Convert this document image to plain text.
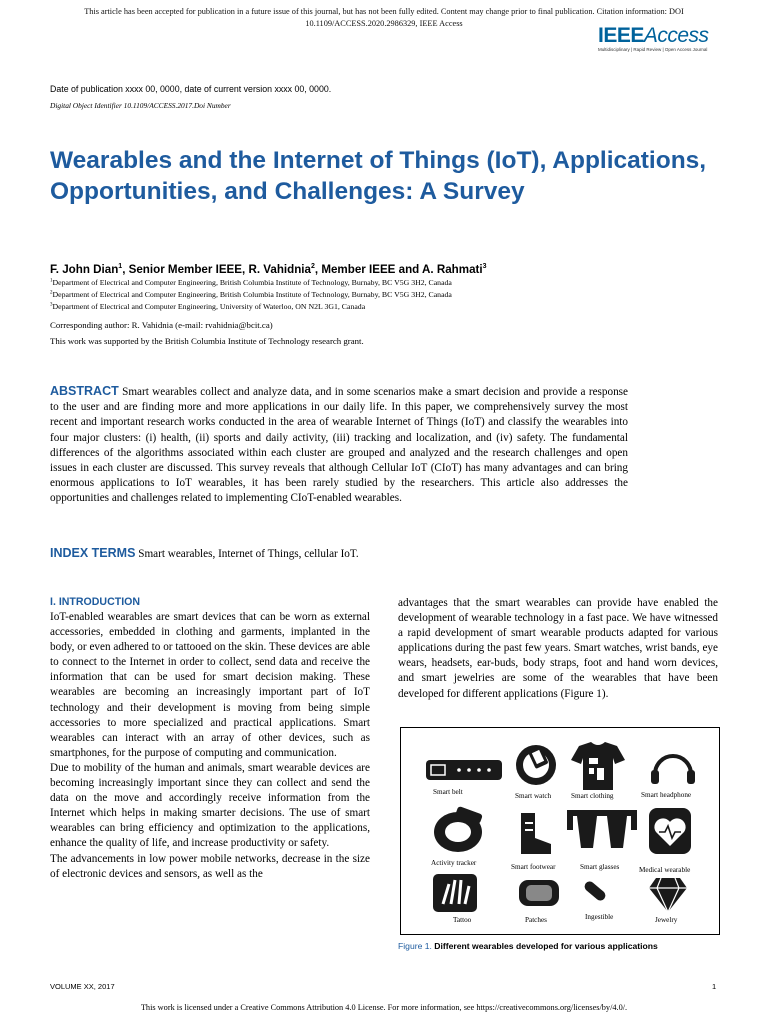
This article has been accepted for publication in a future issue of this journal, but has not been fully edited. Content may change prior to final publication. Citation information: DOI
10.1109/ACCESS.2020.2986329, IEEE Access
IEEEAccess
Multidisciplinary | Rapid Review | Open Access Journal
Date of publication xxxx 00, 0000, date of current version xxxx 00, 0000.
Digital Object Identifier 10.1109/ACCESS.2017.Doi Number
Wearables and the Internet of Things (IoT), Applications, Opportunities, and Challenges: A Survey
F. John Dian$^1$, Senior Member IEEE, R. Vahidnia$^2$, Member IEEE and A. Rahmati$^3$
$^1$Department of Electrical and Computer Engineering, British Columbia Institute of Technology, Burnaby, BC V5G 3H2, Canada
$^2$Department of Electrical and Computer Engineering, British Columbia Institute of Technology, Burnaby, BC V5G 3H2, Canada
$^3$Department of Electrical and Computer Engineering, University of Waterloo, ON N2L 3G1, Canada
Corresponding author: R. Vahidnia (e-mail: rvahidnia@bcit.ca)
This work was supported by the British Columbia Institute of Technology research grant.
ABSTRACT Smart wearables collect and analyze data, and in some scenarios make a smart decision and provide a response to the user and are finding more and more applications in our daily life. In this paper, we comprehensively survey the most recent and important research works conducted in the area of wearable Internet of Things (IoT) and classify the wearables into four major clusters: (i) health, (ii) sports and daily activity, (iii) tracking and localization, and (iv) safety. The fundamental differences of the algorithms associated within each cluster are grouped and analyzed and the research challenges and open issues in each cluster are discussed. This survey reveals that although Cellular IoT (CIoT) has many advantages and can bring enormous applications to IoT wearables, it has been rarely studied by the researchers. This article also addresses the opportunities and challenges related to implementing CIoT-enabled wearables.
INDEX TERMS Smart wearables, Internet of Things, cellular IoT.
I. INTRODUCTION

IoT-enabled wearables are smart devices that can be worn as external accessories, embedded in clothing and garments, implanted in the body, or even adhered to or tattooed on the skin. These devices are able to connect to the Internet in order to collect, send data and receive the information that can be used for smart decision making. These wearables are becoming an increasingly important part of IoT technology and their development is moving from being simple accessories to more specialized and practical applications. Smart wearables can interact with an array of other devices, such as smartphones, for the purpose of computing and communication.

Due to mobility of the human and animals, smart wearable devices are becoming increasingly important since they can collect and send the data on the move and accordingly receive information from the Internet which helps in making smarter decisions. The use of smart wearables can bring efficiency and optimization to the applications, enhance the quality of life, and increase productivity or safety.

The advancements in low power mobile networks, decrease in the size of electronic devices and sensors, as well as the

advantages that the smart wearables can provide have enabled the development of wearable technology in a fast pace. We have witnessed a rapid development of smart wearable products adapted for various applications during the past few years. Smart watches, wrist bands, eye wears, headsets, ear-buds, body straps, foot and hand worn devices, and smart jewelries are some of the wearables that have been developed for different applications (Figure 1).

Smart belt	Smart watch	Smart clothing	Smart headphone
Activity tracker	Smart footwear	Smart glasses	Medical wearable
Tattoo	Patches	Ingestible	Jewelry
Figure 1. Different wearables developed for various applications
VOLUME XX, 2017	1
This work is licensed under a Creative Commons Attribution 4.0 License. For more information, see https://creativecommons.org/licenses/by/4.0/.
